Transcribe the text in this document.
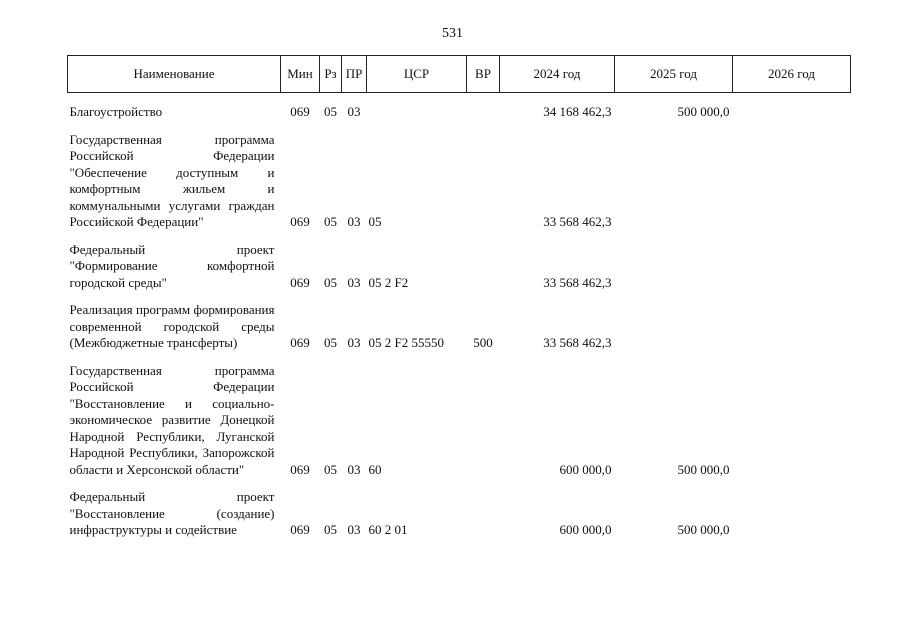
531
Наименование	Мин	Рз	ПР	ЦСР	ВР	2024 год	2025 год	2026 год

Благоустройство	069	05	03			34 168 462,3	500 000,0	

Государственная программа Российской Федерации "Обеспечение доступным и комфортным жильем и коммунальными услугами граждан Российской Федерации"	069	05	03	05		33 568 462,3		

Федеральный проект "Формирование комфортной городской среды"	069	05	03	05 2 F2		33 568 462,3		

Реализация программ формирования современной городской среды (Межбюджетные трансферты)	069	05	03	05 2 F2 55550	500	33 568 462,3		

Государственная программа Российской Федерации "Восстановление и социально-экономическое развитие Донецкой Народной Республики, Луганской Народной Республики, Запорожской области и Херсонской области"	069	05	03	60		600 000,0	500 000,0	

Федеральный проект "Восстановление (создание) инфраструктуры и содействие	069	05	03	60 2 01		600 000,0	500 000,0	
